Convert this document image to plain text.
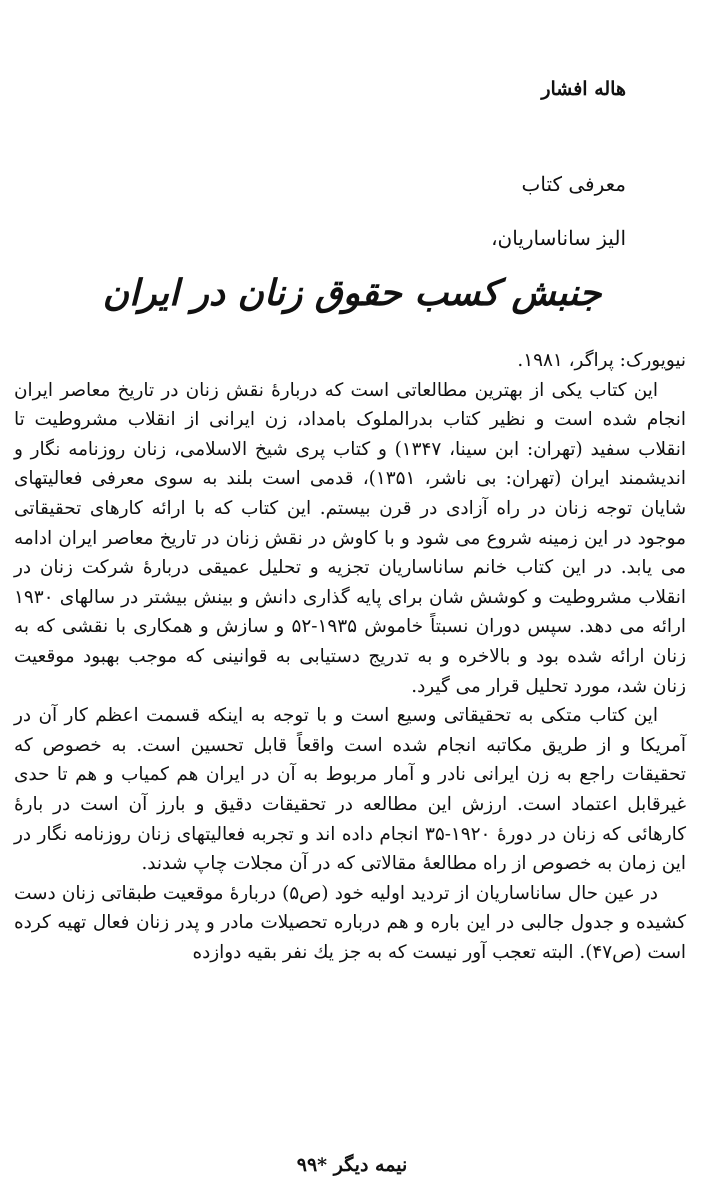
هاله افشار
معرفی کتاب
الیز ساناساریان،
جنبش کسب حقوق زنان در ایران

نیویورک: پراگر، ۱۹۸۱.

این کتاب یکی از بهترین مطالعاتی است که دربارهٔ نقش زنان در تاریخ معاصر ایران انجام شده است و نظیر کتاب بدرالملوک بامداد، زن ایرانی از انقلاب مشروطیت تا انقلاب سفید (تهران: ابن سینا، ۱۳۴۷) و کتاب پری شیخ الاسلامی، زنان روزنامه نگار و اندیشمند ایران (تهران: بی ناشر، ۱۳۵۱)، قدمی است بلند به سوی معرفی فعالیتهای شایان توجه زنان در راه آزادی در قرن بیستم. این کتاب که با ارائه کارهای تحقیقاتی موجود در این زمینه شروع می شود و با کاوش در نقش زنان در تاریخ معاصر ایران ادامه می یابد. در این کتاب خانم ساناساریان تجزیه و تحلیل عمیقی دربارهٔ شرکت زنان در انقلاب مشروطیت و کوشش شان برای پایه گذاری دانش و بینش بیشتر در سالهای ۱۹۳۰ ارائه می دهد. سپس دوران نسبتاً خاموش ۱۹۳۵-۵۲ و سازش و همکاری با نقشی که به زنان ارائه شده بود و بالاخره و به تدریج دستیابی به قوانینی که موجب بهبود موقعیت زنان شد، مورد تحلیل قرار می گیرد.

این کتاب متکی به تحقیقاتی وسیع است و با توجه به اینکه قسمت اعظم کار آن در آمریکا و از طریق مکاتبه انجام شده است واقعاً قابل تحسین است. به خصوص که تحقیقات راجع به زن ایرانی نادر و آمار مربوط به آن در ایران هم کمیاب و هم تا حدی غیرقابل اعتماد است. ارزش این مطالعه در تحقیقات دقیق و بارز آن است در بارهٔ کارهائی که زنان در دورهٔ ۱۹۲۰-۳۵ انجام داده اند و تجربه فعالیتهای زنان روزنامه نگار در این زمان به خصوص از راه مطالعهٔ مقالاتی که در آن مجلات چاپ شدند.

در عین حال ساناساریان از تردید اولیه خود (ص۵) دربارهٔ موقعیت طبقاتی زنان دست کشیده و جدول جالبی در این باره و هم درباره تحصیلات مادر و پدر زنان فعال تهیه کرده است (ص۴۷). البته تعجب آور نیست که به جز یك نفر بقیه دوازده

نیمه دیگر *۹۹
